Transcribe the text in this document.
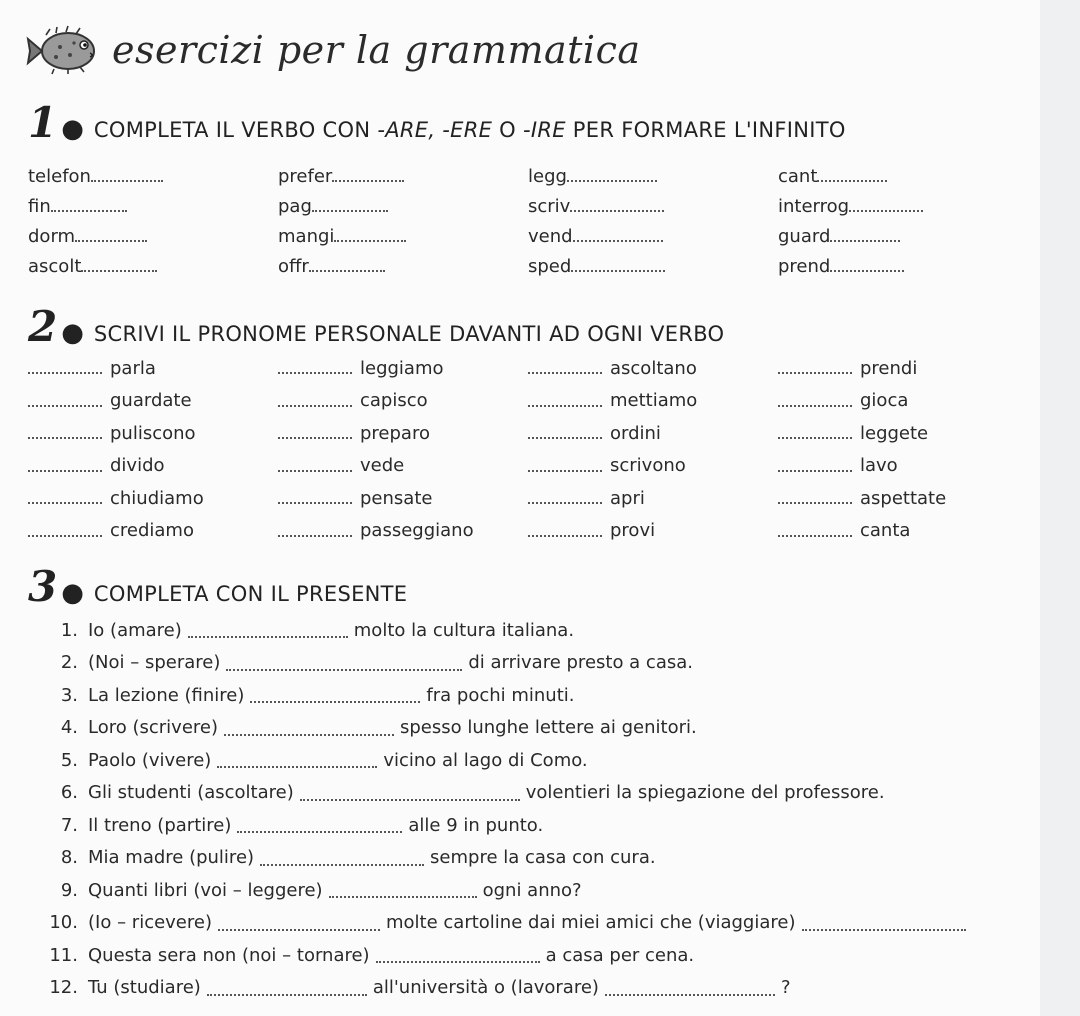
esercizi per la grammatica
1 ● COMPLETA IL VERBO CON -ARE, -ERE O -IRE PER FORMARE L'INFINITO
telefon	prefer	legg	cant
fin	pag	scriv	interrog
dorm	mangi	vend	guard
ascolt	offr	sped	prend
2 ● SCRIVI IL PRONOME PERSONALE DAVANTI AD OGNI VERBO
parla	leggiamo	ascoltano	prendi
guardate	capisco	mettiamo	gioca
puliscono	preparo	ordini	leggete
divido	vede	scrivono	lavo
chiudiamo	pensate	apri	aspettate
crediamo	passeggiano	provi	canta
3 ● COMPLETA CON IL PRESENTE
1. Io (amare)	molto la cultura italiana.
2. (Noi – sperare)	di arrivare presto a casa.
3. La lezione (finire)	fra pochi minuti.
4. Loro (scrivere)	spesso lunghe lettere ai genitori.
5. Paolo (vivere)	vicino al lago di Como.
6. Gli studenti (ascoltare)	volentieri la spiegazione del professore.
7. Il treno (partire)	alle 9 in punto.
8. Mia madre (pulire)	sempre la casa con cura.
9. Quanti libri (voi – leggere)	ogni anno?
10. (Io – ricevere)	molte cartoline dai miei amici che (viaggiare)
11. Questa sera non (noi – tornare)	a casa per cena.
12. Tu (studiare)	all'università o (lavorare)	?
